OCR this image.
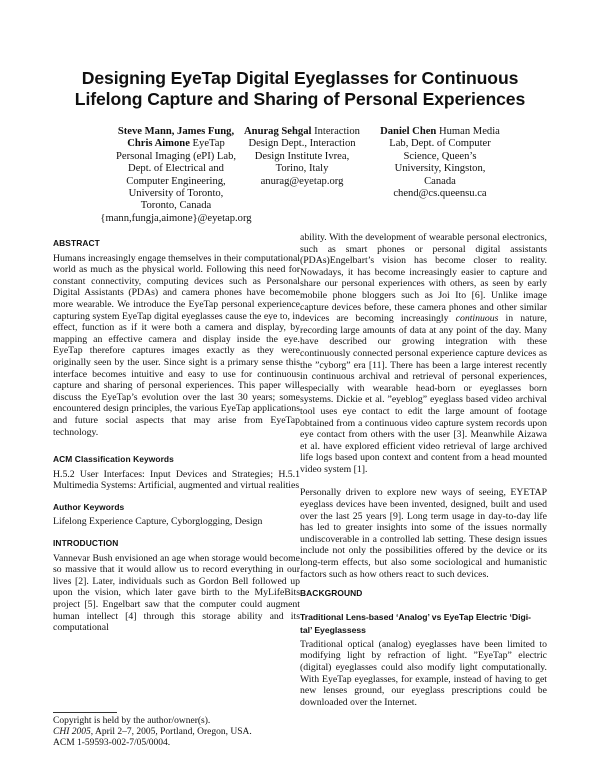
Designing EyeTap Digital Eyeglasses for Continuous
Lifelong Capture and Sharing of Personal Experiences
Steve Mann, James Fung,
Chris Aimone EyeTap
Personal Imaging (ePI) Lab,
Dept. of Electrical and
Computer Engineering,
University of Toronto,
Toronto, Canada
{mann,fungja,aimone}@eyetap.org
Anurag Sehgal Interaction
Design Dept., Interaction
Design Institute Ivrea,
Torino, Italy
anurag@eyetap.org
Daniel Chen Human Media
Lab, Dept. of Computer
Science, Queen’s
University, Kingston,
Canada
chend@cs.queensu.ca
ABSTRACT

Humans increasingly engage themselves in their computational world as much as the physical world. Following this need for constant connectivity, computing devices such as Personal Digital Assistants (PDAs) and camera phones have become more wearable. We introduce the EyeTap personal experience capturing system EyeTap digital eyeglasses cause the eye to, in effect, function as if it were both a camera and display, by mapping an effective camera and display inside the eye. EyeTap therefore captures images exactly as they were originally seen by the user. Since sight is a primary sense this interface becomes intuitive and easy to use for continuous capture and sharing of personal experiences. This paper will discuss the EyeTap’s evolution over the last 30 years; some encountered design principles, the various EyeTap applications and future social aspects that may arise from EyeTap technology.

ACM Classification Keywords

H.5.2 User Interfaces: Input Devices and Strategies; H.5.1 Multimedia Systems: Artificial, augmented and virtual realities

Author Keywords

Lifelong Experience Capture, Cyborglogging, Design

INTRODUCTION

Vannevar Bush envisioned an age when storage would become so massive that it would allow us to record everything in our lives [2]. Later, individuals such as Gordon Bell followed up upon the vision, which later gave birth to the MyLifeBits project [5]. Engelbart saw that the computer could augment human intellect [4] through this storage ability and its computational

ability. With the development of wearable personal electronics, such as smart phones or personal digital assistants (PDAs)Engelbart’s vision has become closer to reality. Nowadays, it has become increasingly easier to capture and share our personal experiences with others, as seen by early mobile phone bloggers such as Joi Ito [6]. Unlike image capture devices before, these camera phones and other similar devices are becoming increasingly continuous in nature, recording large amounts of data at any point of the day. Many have described our growing integration with these continuously connected personal experience capture devices as the ”cyborg” era [11]. There has been a large interest recently in continuous archival and retrieval of personal experiences, especially with wearable head-born or eyeglasses born systems. Dickie et al. ”eyeblog” eyeglass based video archival tool uses eye contact to edit the large amount of footage obtained from a continuous video capture system records upon eye contact from others with the user [3]. Meanwhile Aizawa et al. have explored efficient video retrieval of large archived life logs based upon context and content from a head mounted video system [1].

Personally driven to explore new ways of seeing, EYETAP eyeglass devices have been invented, designed, built and used over the last 25 years [9]. Long term usage in day-to-day life has led to greater insights into some of the issues normally undiscoverable in a controlled lab setting. These design issues include not only the possibilities offered by the device or its long-term effects, but also some sociological and humanistic factors such as how others react to such devices.

BACKGROUND
Traditional Lens-based ‘Analog’ vs EyeTap Electric ‘Digi-
tal’ Eyeglassess

Traditional optical (analog) eyeglasses have been limited to modifying light by refraction of light. ”EyeTap” electric (digital) eyeglasses could also modify light computationally. With EyeTap eyeglasses, for example, instead of having to get new lenses ground, our eyeglass prescriptions could be downloaded over the Internet.

Copyright is held by the author/owner(s).
CHI 2005, April 2–7, 2005, Portland, Oregon, USA.
ACM 1-59593-002-7/05/0004.
